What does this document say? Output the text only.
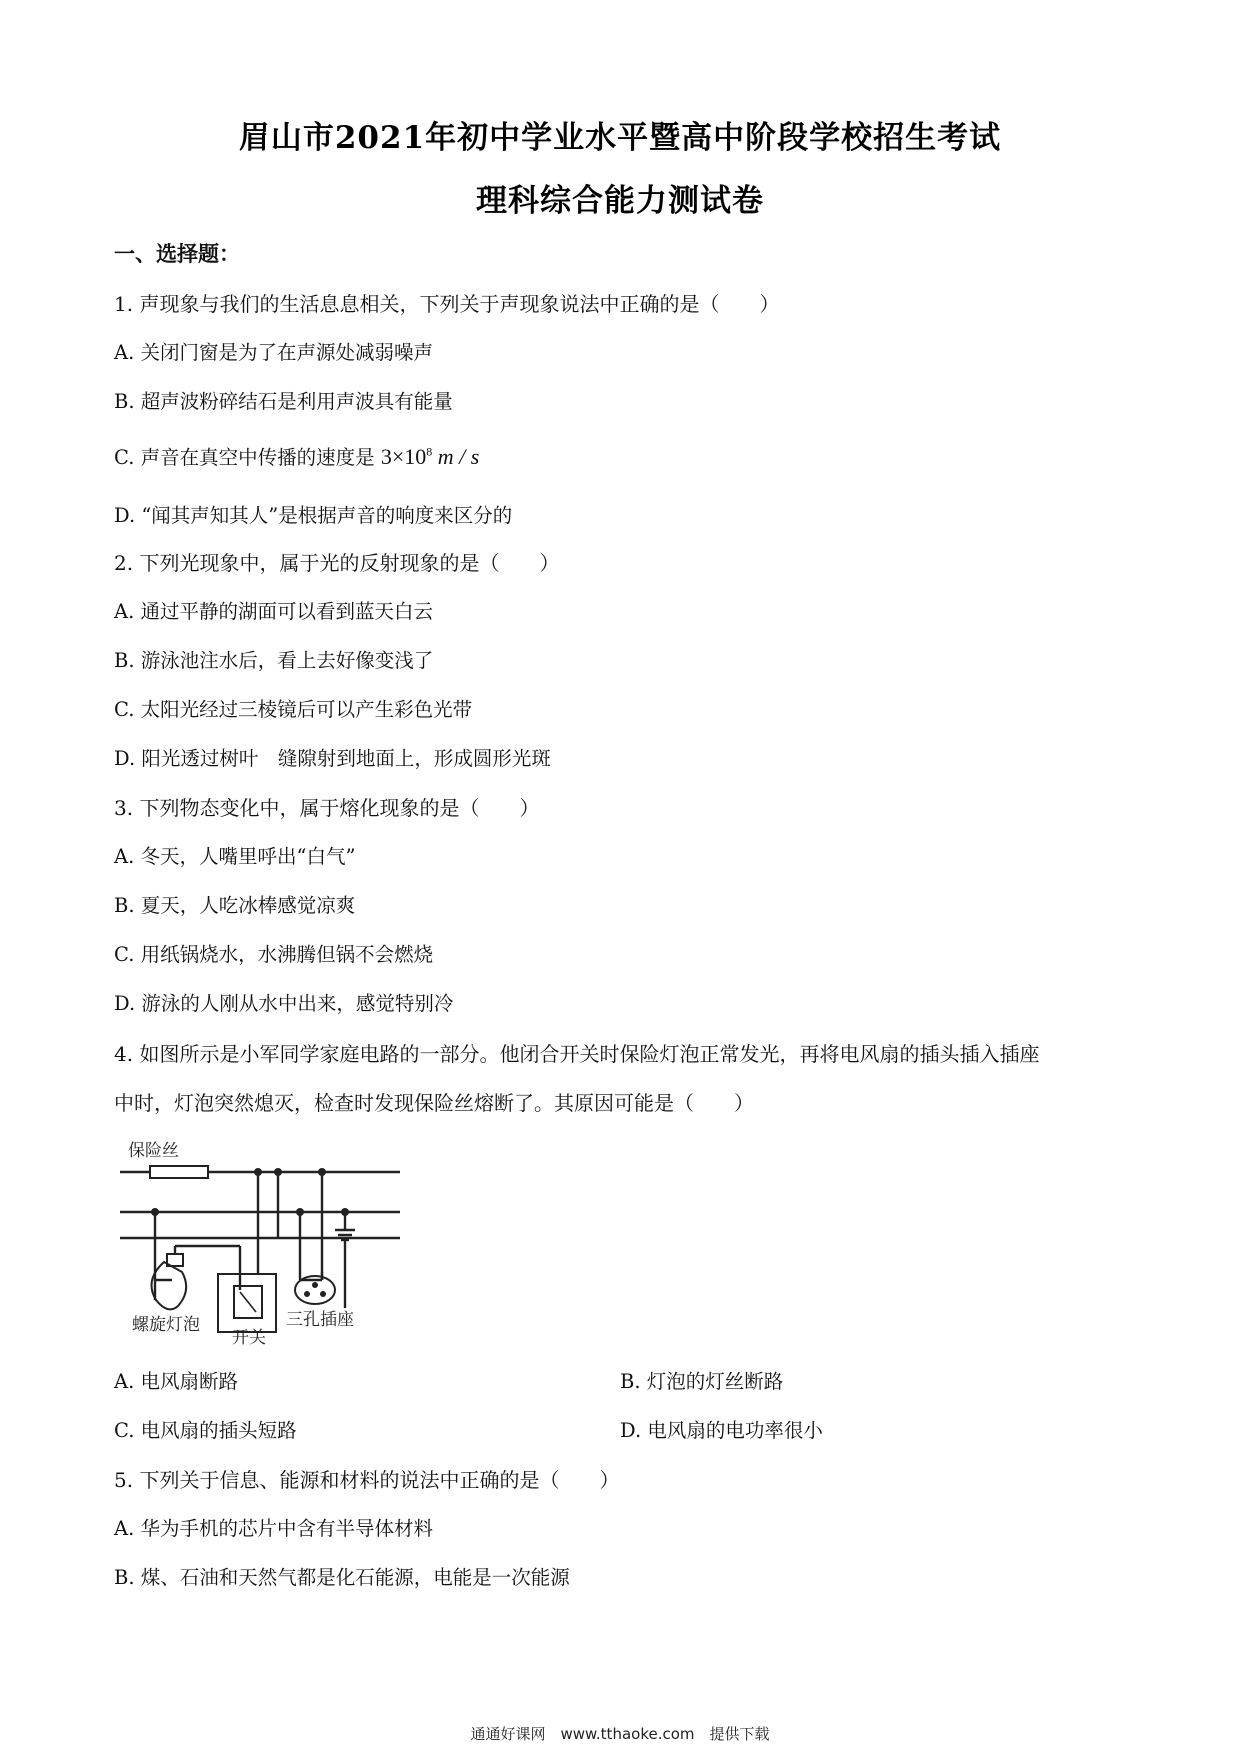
眉山市2021年初中学业水平暨高中阶段学校招生考试
理科综合能力测试卷
一、选择题：
1. 声现象与我们的生活息息相关，下列关于声现象说法中正确的是（　　）
A. 关闭门窗是为了在声源处减弱噪声
B. 超声波粉碎结石是利用声波具有能量
C. 声音在真空中传播的速度是 $3\times 10^8$ m / s
D. “闻其声知其人”是根据声音的响度来区分的
2. 下列光现象中，属于光的反射现象的是（　　）
A. 通过平静的湖面可以看到蓝天白云
B. 游泳池注水后，看上去好像变浅了
C. 太阳光经过三棱镜后可以产生彩色光带
D. 阳光透过树叶　缝隙射到地面上，形成圆形光斑
3. 下列物态变化中，属于熔化现象的是（　　）
A. 冬天，人嘴里呼出“白气”
B. 夏天，人吃冰棒感觉凉爽
C. 用纸锅烧水，水沸腾但锅不会燃烧
D. 游泳的人刚从水中出来，感觉特别冷
4. 如图所示是小军同学家庭电路的一部分。他闭合开关时保险灯泡正常发光，再将电风扇的插头插入插座
中时，灯泡突然熄灭，检查时发现保险丝熔断了。其原因可能是（　　）
保险丝
螺旋灯泡
开关
三孔插座
A. 电风扇断路	B. 灯泡的灯丝断路
C. 电风扇的插头短路	D. 电风扇的电功率很小
5. 下列关于信息、能源和材料的说法中正确的是（　　）
A. 华为手机的芯片中含有半导体材料
B. 煤、石油和天然气都是化石能源，电能是一次能源
通通好课网　www.tthaoke.com　提供下载
